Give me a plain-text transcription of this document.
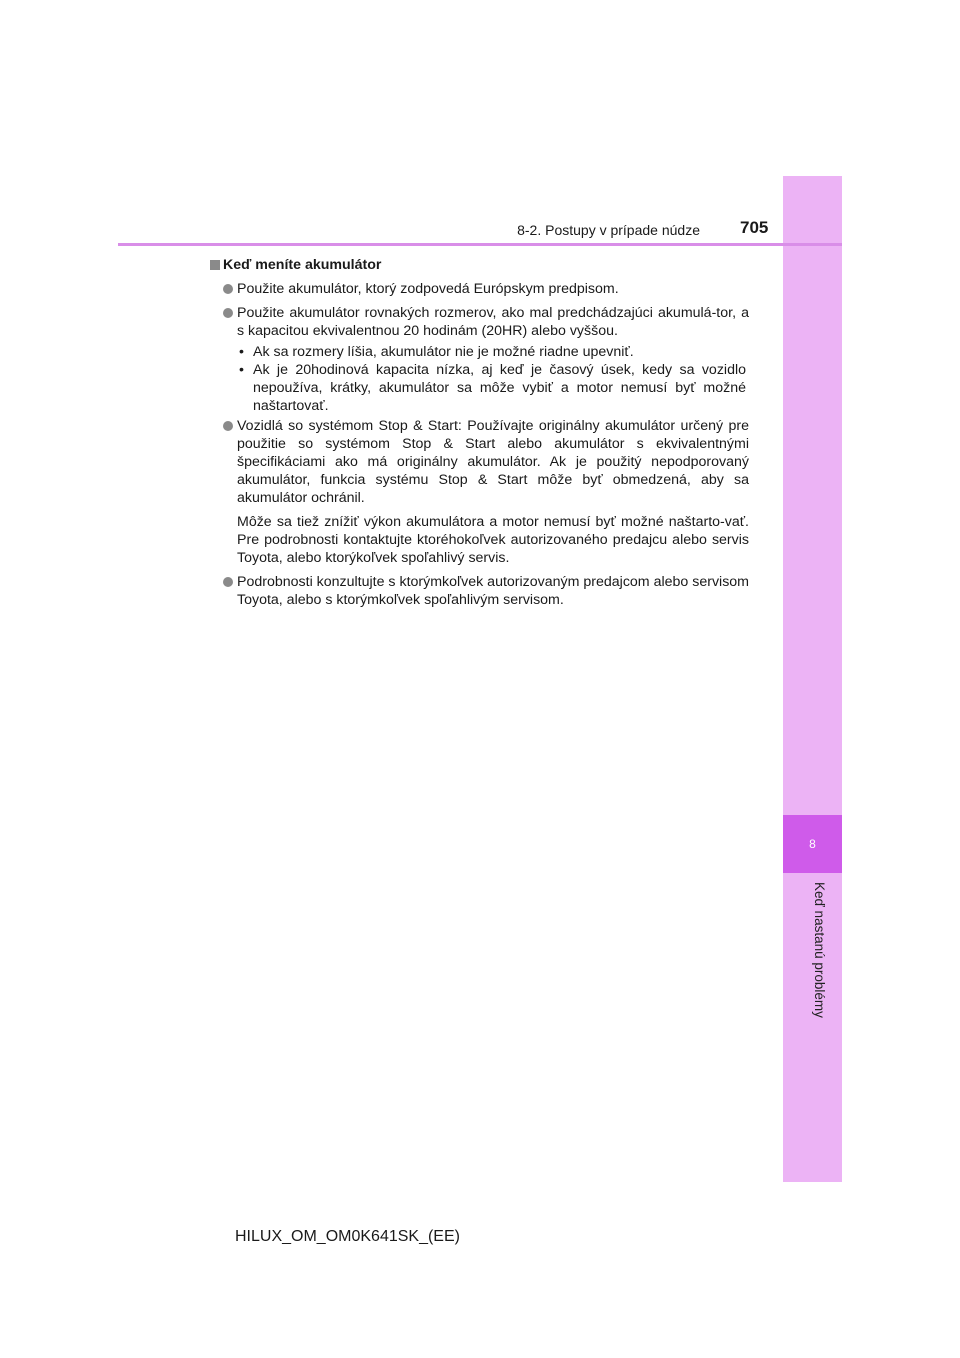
8
Keď nastanú problémy
8-2. Postupy v prípade núdze 705
Keď meníte akumulátor
Použite akumulátor, ktorý zodpovedá Európskym predpisom.
Použite akumulátor rovnakých rozmerov, ako mal predchádzajúci akumulá-tor, a s kapacitou ekvivalentnou 20 hodinám (20HR) alebo vyššou.
• Ak sa rozmery líšia, akumulátor nie je možné riadne upevniť.
• Ak je 20hodinová kapacita nízka, aj keď je časový úsek, kedy sa vozidlo nepoužíva, krátky, akumulátor sa môže vybiť a motor nemusí byť možné naštartovať.
Vozidlá so systémom Stop & Start: Používajte originálny akumulátor určený pre použitie so systémom Stop & Start alebo akumulátor s ekvivalentnými špecifikáciami ako má originálny akumulátor. Ak je použitý nepodporovaný akumulátor, funkcia systému Stop & Start môže byť obmedzená, aby sa akumulátor ochránil.
Môže sa tiež znížiť výkon akumulátora a motor nemusí byť možné naštarto-vať. Pre podrobnosti kontaktujte ktoréhokoľvek autorizovaného predajcu alebo servis Toyota, alebo ktorýkoľvek spoľahlivý servis.
Podrobnosti konzultujte s ktorýmkoľvek autorizovaným predajcom alebo servisom Toyota, alebo s ktorýmkoľvek spoľahlivým servisom.
HILUX_OM_OM0K641SK_(EE)
